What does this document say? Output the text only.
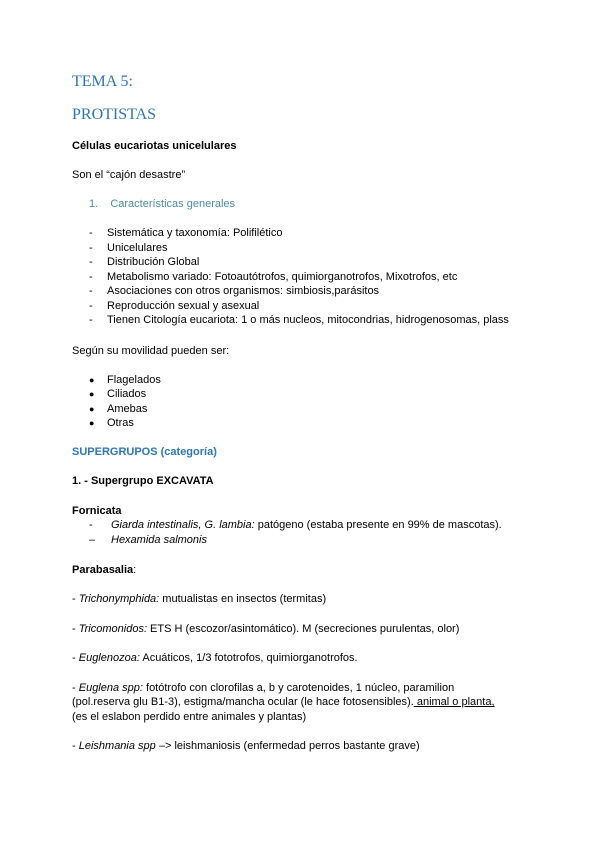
TEMA 5:
PROTISTAS
Células eucariotas unicelulares
Son el “cajón desastre”
1. Características generales
- Sistemática y taxonomía: Polifilético
- Unicelulares
- Distribución Global
- Metabolismo variado: Fotoautótrofos, quimiorganotrofos, Mixotrofos, etc
- Asociaciones con otros organismos: simbiosis,parásitos
- Reproducción sexual y asexual
- Tienen Citología eucariota: 1 o más nucleos, mitocondrias, hidrogenosomas, plass
Según su movilidad pueden ser:
● Flagelados
● Ciliados
● Amebas
● Otras
SUPERGRUPOS (categoría)
1. - Supergrupo EXCAVATA
Fornicata
- Giarda intestinalis, G. lambia: patógeno (estaba presente en 99% de mascotas).
– Hexamida salmonis
Parabasalia:
- Trichonymphida: mutualistas en insectos (termitas)
- Tricomonidos: ETS H (escozor/asintomático). M (secreciones purulentas, olor)
- Euglenozoa: Acuáticos, 1/3 fototrofos, quimiorganotrofos.
- Euglena spp: fotótrofo con clorofilas a, b y carotenoides, 1 núcleo, paramilion
(pol.reserva glu B1-3), estigma/mancha ocular (le hace fotosensibles). animal o planta,
(es el eslabon perdido entre animales y plantas)
- Leishmania spp –> leishmaniosis (enfermedad perros bastante grave)
